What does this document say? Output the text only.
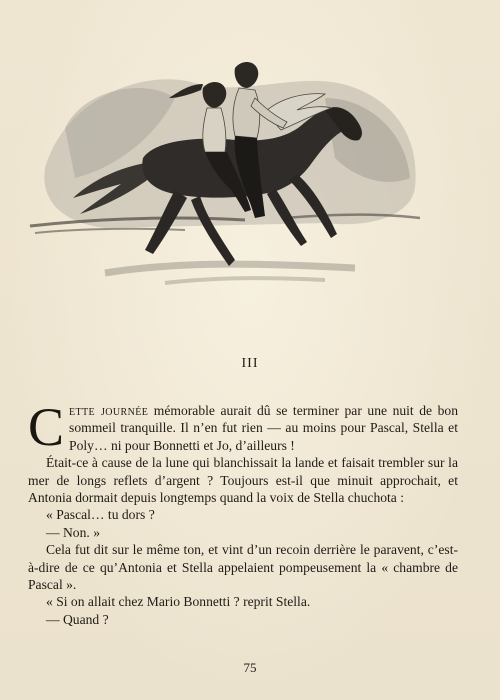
III

Cette journée mémorable aurait dû se terminer par une nuit de bon sommeil tranquille. Il n’en fut rien — au moins pour Pascal, Stella et Poly… ni pour Bonnetti et Jo, d’ailleurs !

Était-ce à cause de la lune qui blanchissait la lande et faisait trembler sur la mer de longs reflets d’argent ? Toujours est-il que minuit approchait, et Antonia dormait depuis longtemps quand la voix de Stella chuchota :

« Pascal… tu dors ?

— Non. »

Cela fut dit sur le même ton, et vint d’un recoin derrière le paravent, c’est-à-dire de ce qu’Antonia et Stella appelaient pompeusement la « chambre de Pascal ».

« Si on allait chez Mario Bonnetti ? reprit Stella.

— Quand ?

75
